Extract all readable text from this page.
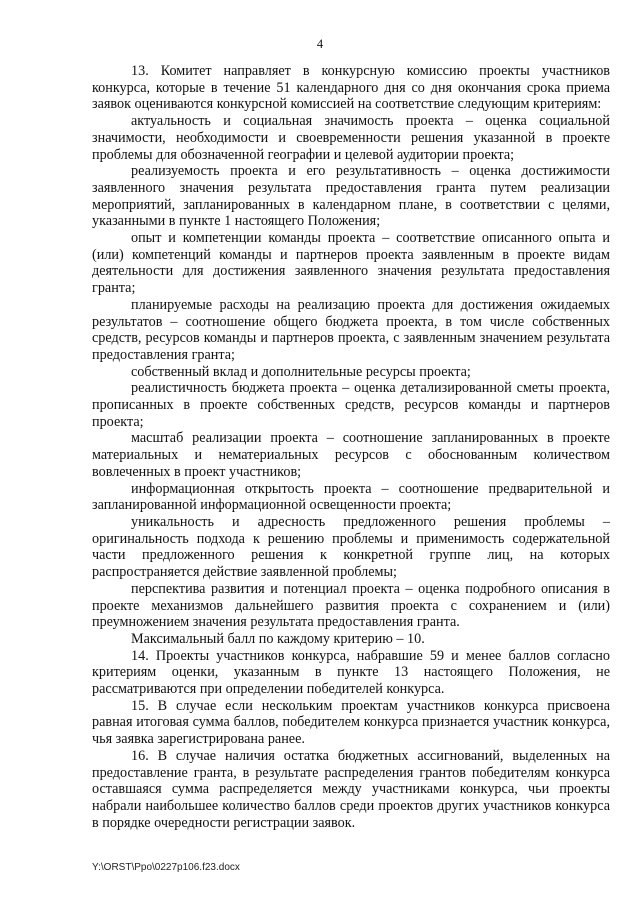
4

13. Комитет направляет в конкурсную комиссию проекты участников конкурса, которые в течение 51 календарного дня со дня окончания срока приема заявок оцениваются конкурсной комиссией на соответствие следующим критериям:

актуальность и социальная значимость проекта – оценка социальной значимости, необходимости и своевременности решения указанной в проекте проблемы для обозначенной географии и целевой аудитории проекта;

реализуемость проекта и его результативность – оценка достижимости заявленного значения результата предоставления гранта путем реализации мероприятий, запланированных в календарном плане, в соответствии с целями, указанными в пункте 1 настоящего Положения;

опыт и компетенции команды проекта – соответствие описанного опыта и (или) компетенций команды и партнеров проекта заявленным в проекте видам деятельности для достижения заявленного значения результата предоставления гранта;

планируемые расходы на реализацию проекта для достижения ожидаемых результатов – соотношение общего бюджета проекта, в том числе собственных средств, ресурсов команды и партнеров проекта, с заявленным значением результата предоставления гранта;

собственный вклад и дополнительные ресурсы проекта;

реалистичность бюджета проекта – оценка детализированной сметы проекта, прописанных в проекте собственных средств, ресурсов команды и партнеров проекта;

масштаб реализации проекта – соотношение запланированных в проекте материальных и нематериальных ресурсов с обоснованным количеством вовлеченных в проект участников;

информационная открытость проекта – соотношение предварительной и запланированной информационной освещенности проекта;

уникальность и адресность предложенного решения проблемы – оригинальность подхода к решению проблемы и применимость содержательной части предложенного решения к конкретной группе лиц, на которых распространяется действие заявленной проблемы;

перспектива развития и потенциал проекта – оценка подробного описания в проекте механизмов дальнейшего развития проекта с сохранением и (или) преумножением значения результата предоставления гранта.

Максимальный балл по каждому критерию – 10.

14. Проекты участников конкурса, набравшие 59 и менее баллов согласно критериям оценки, указанным в пункте 13 настоящего Положения, не рассматриваются при определении победителей конкурса.

15. В случае если нескольким проектам участников конкурса присвоена равная итоговая сумма баллов, победителем конкурса признается участник конкурса, чья заявка зарегистрирована ранее.

16. В случае наличия остатка бюджетных ассигнований, выделенных на предоставление гранта, в результате распределения грантов победителям конкурса оставшаяся сумма распределяется между участниками конкурса, чьи проекты набрали наибольшее количество баллов среди проектов других участников конкурса в порядке очередности регистрации заявок.

Y:\ORST\Ppo\0227p106.f23.docx
